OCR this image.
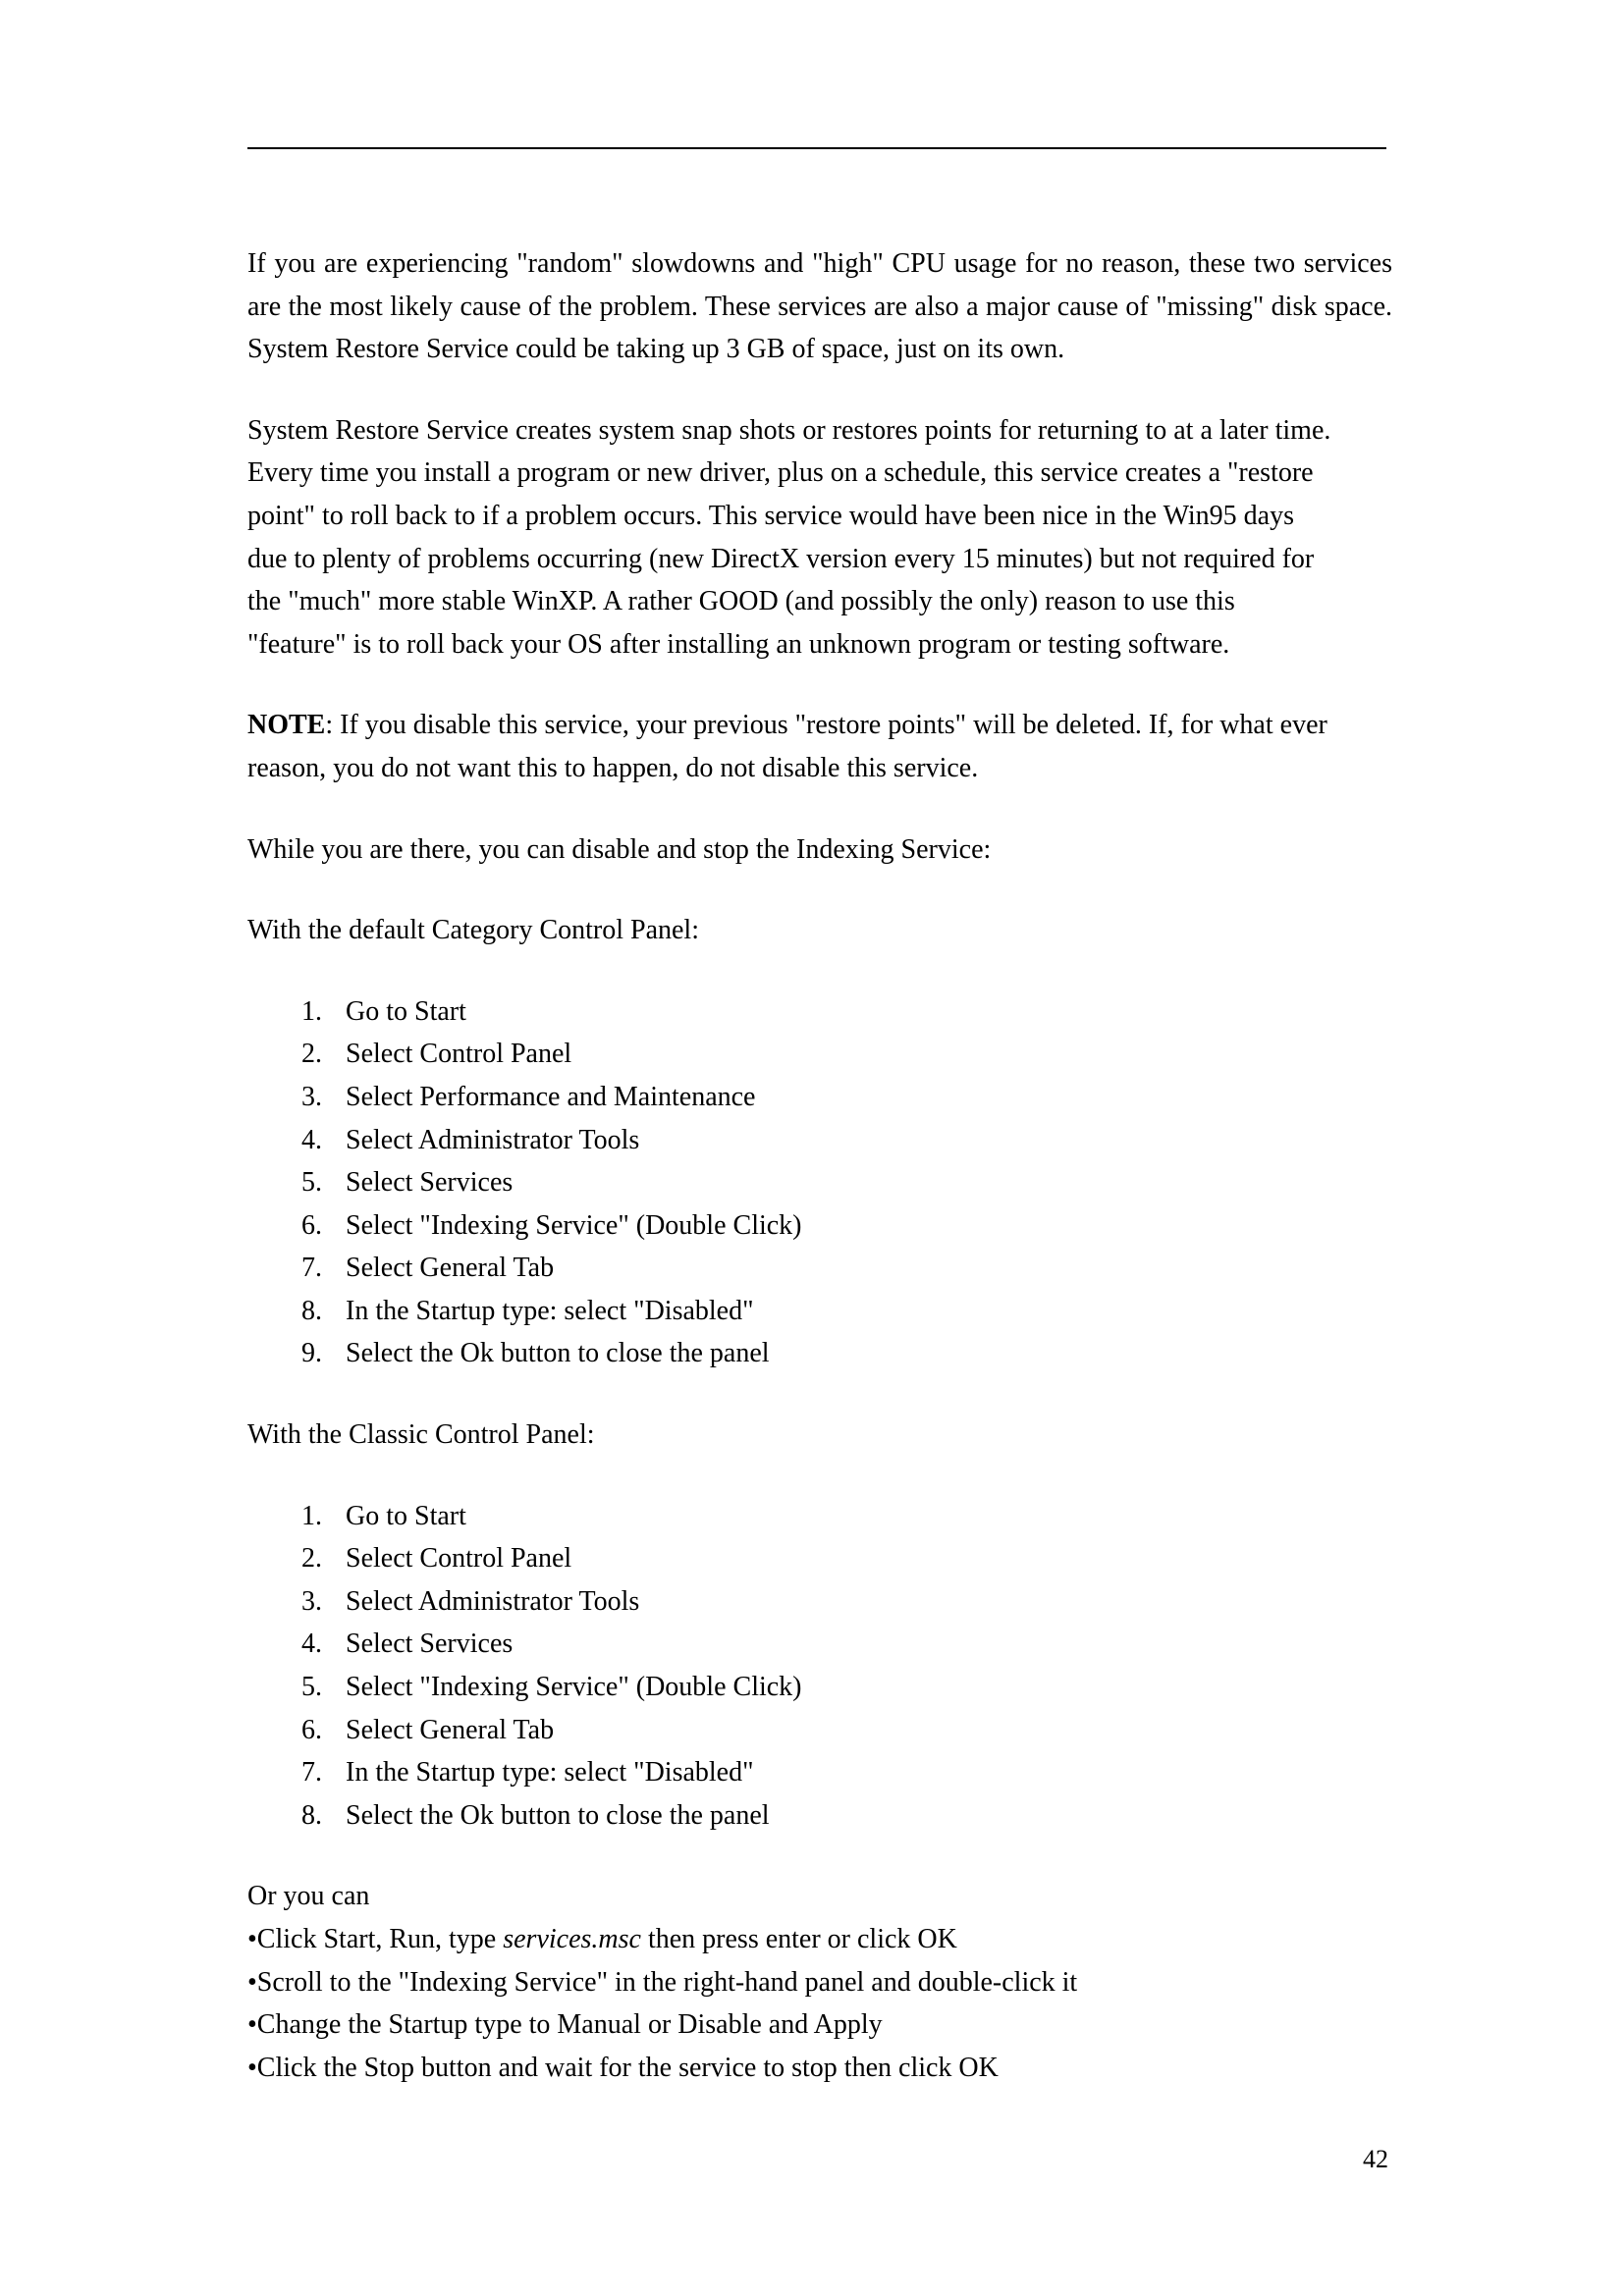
If you are experiencing "random" slowdowns and "high" CPU usage for no reason, these two services are the most likely cause of the problem. These services are also a major cause of "missing" disk space. System Restore Service could be taking up 3 GB of space, just on its own.

System Restore Service creates system snap shots or restores points for returning to at a later time.
Every time you install a program or new driver, plus on a schedule, this service creates a "restore
point" to roll back to if a problem occurs. This service would have been nice in the Win95 days
due to plenty of problems occurring (new DirectX version every 15 minutes) but not required for
the "much" more stable WinXP. A rather GOOD (and possibly the only) reason to use this
"feature" is to roll back your OS after installing an unknown program or testing software.

NOTE: If you disable this service, your previous "restore points" will be deleted. If, for what ever
reason, you do not want this to happen, do not disable this service.

While you are there, you can disable and stop the Indexing Service:

With the default Category Control Panel:

1. Go to Start
2. Select Control Panel
3. Select Performance and Maintenance
4. Select Administrator Tools
5. Select Services
6. Select "Indexing Service" (Double Click)
7. Select General Tab
8. In the Startup type: select "Disabled"
9. Select the Ok button to close the panel

With the Classic Control Panel:

1. Go to Start
2. Select Control Panel
3. Select Administrator Tools
4. Select Services
5. Select "Indexing Service" (Double Click)
6. Select General Tab
7. In the Startup type: select "Disabled"
8. Select the Ok button to close the panel
Or you can
•Click Start, Run, type services.msc then press enter or click OK
•Scroll to the "Indexing Service" in the right-hand panel and double-click it
•Change the Startup type to Manual or Disable and Apply
•Click the Stop button and wait for the service to stop then click OK
42
